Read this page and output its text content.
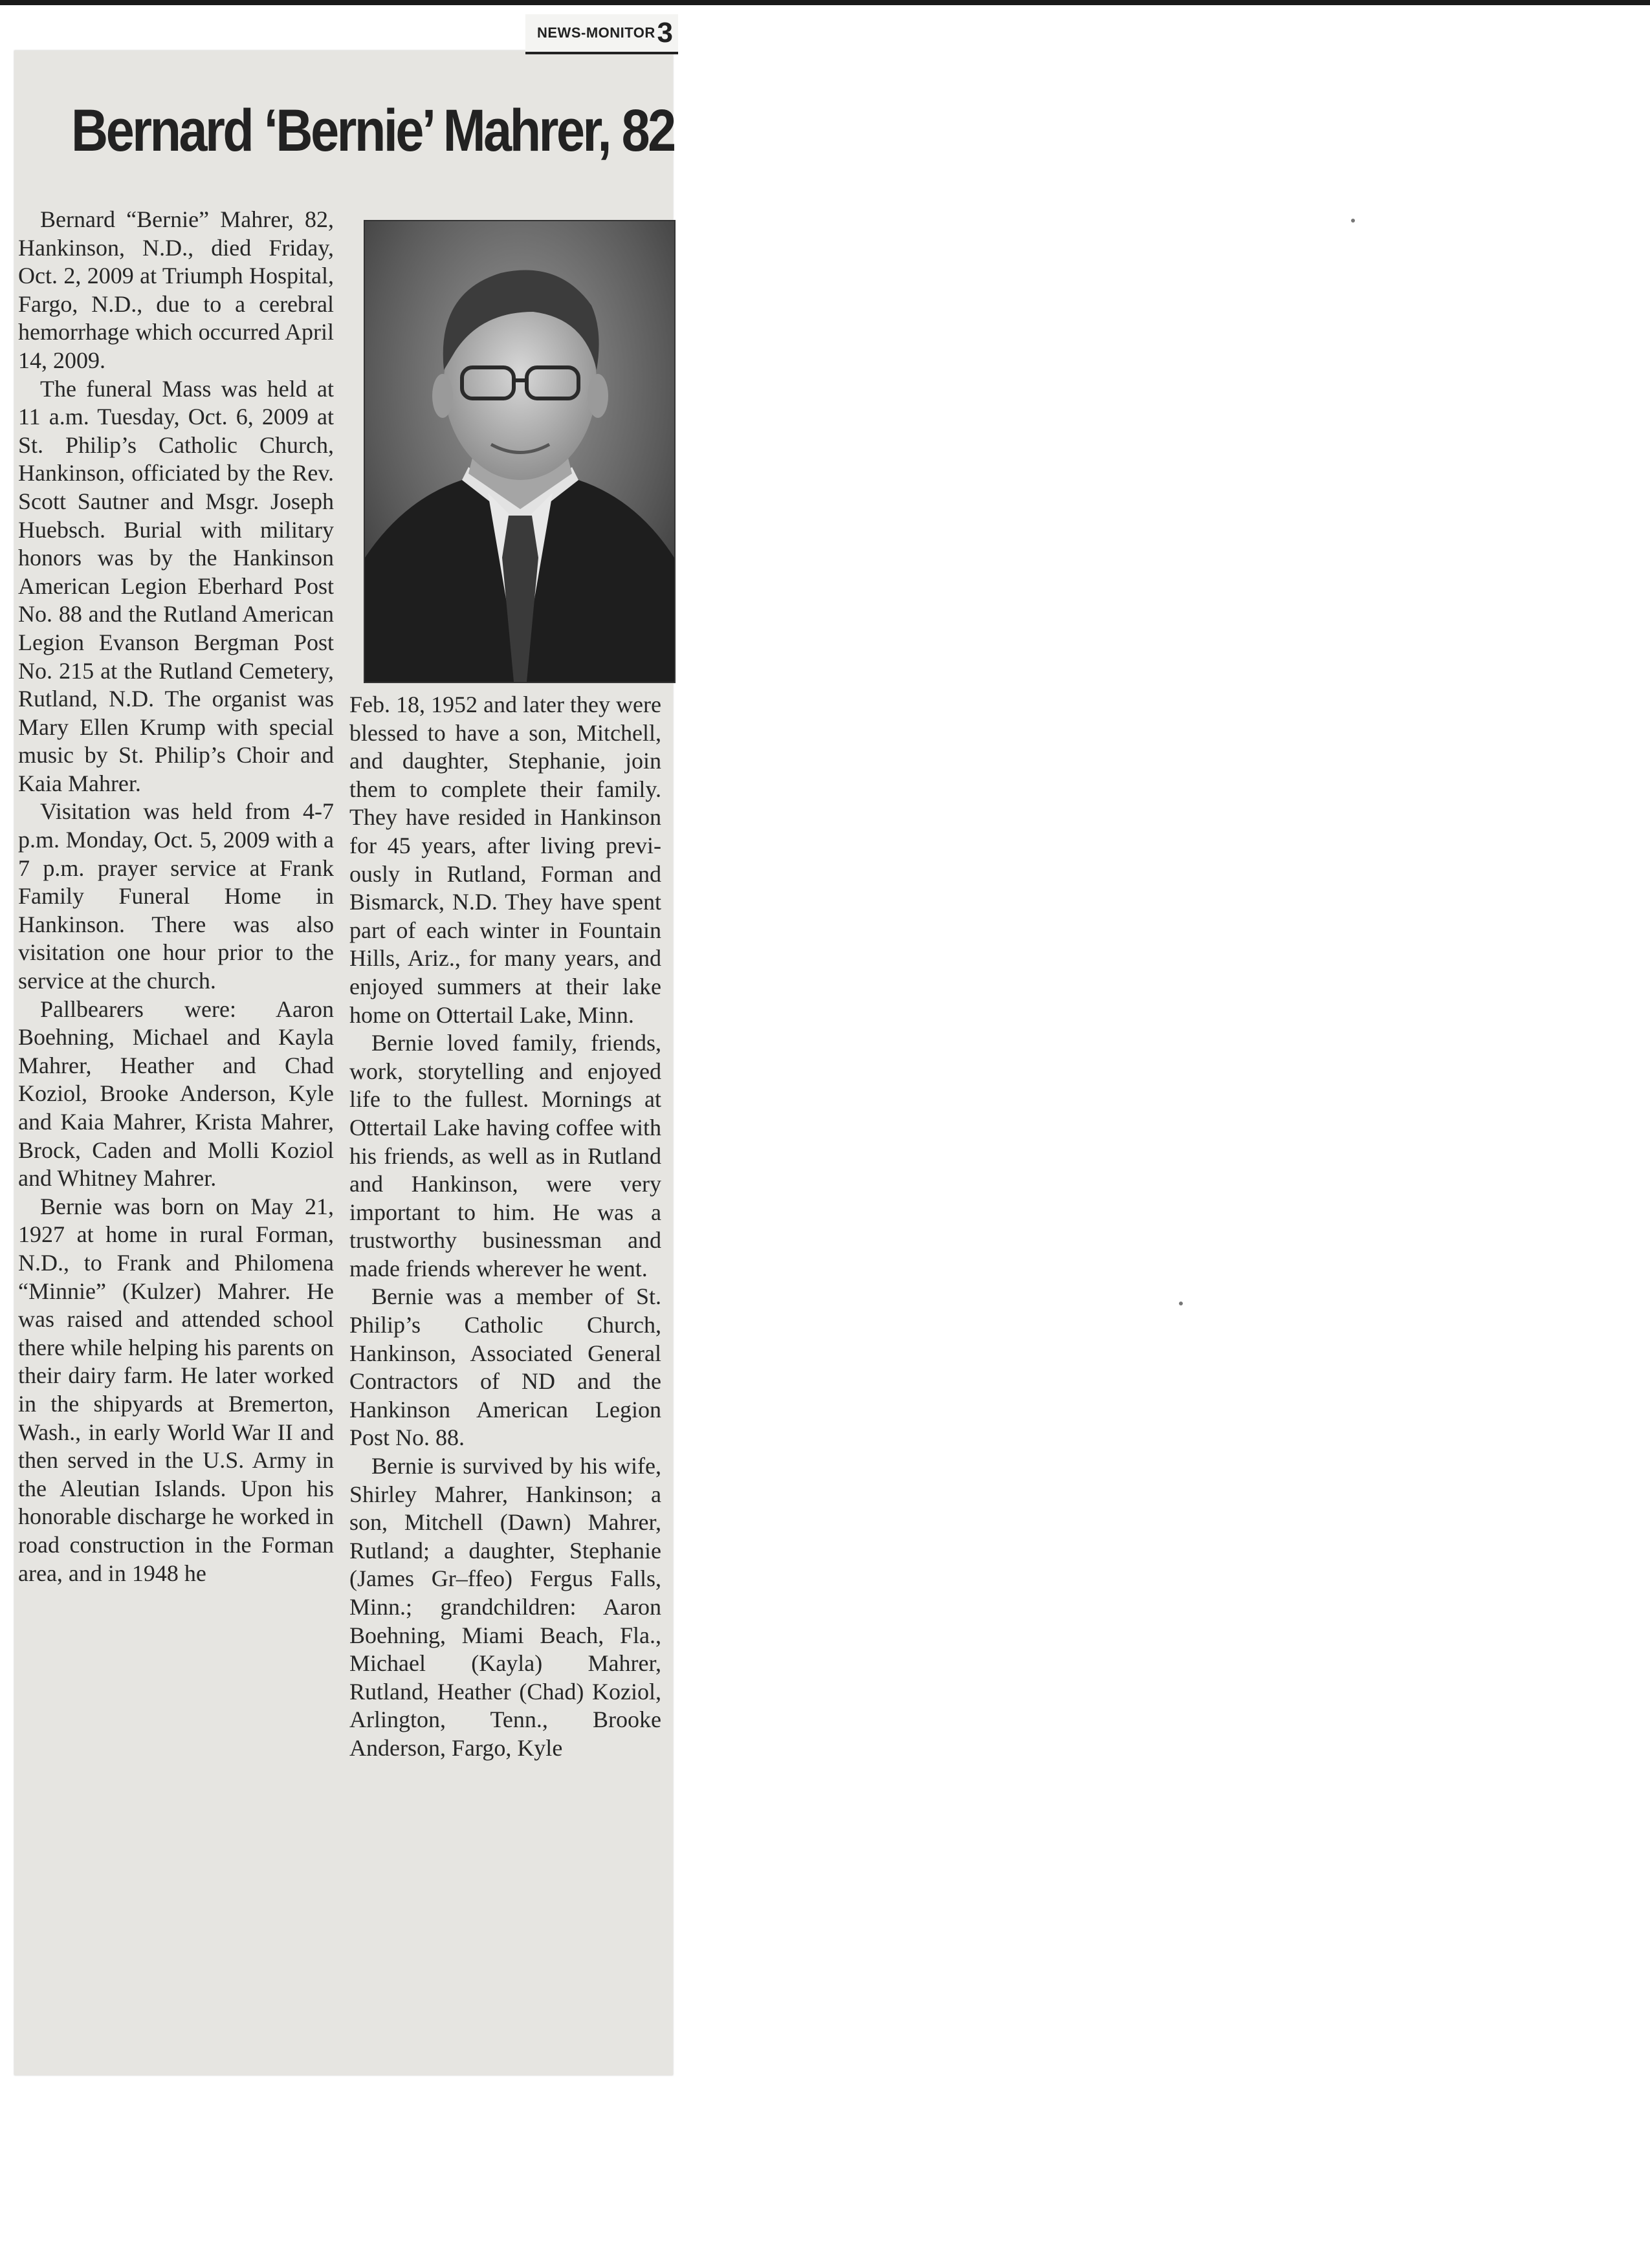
NEWS-MONITOR 3
Bernard ‘Bernie’ Mahrer, 82

Bernard “Bernie” Mahrer, 82, Hankinson, N.D., died Friday, Oct. 2, 2009 at Triumph Hospital, Fargo, N.D., due to a cerebral hemorrhage which occurred April 14, 2009.

The funeral Mass was held at 11 a.m. Tuesday, Oct. 6, 2009 at St. Philip’s Catholic Church, Hankinson, officiated by the Rev. Scott Sautner and Msgr. Joseph Huebsch. Burial with military honors was by the Hankinson American Legion Eberhard Post No. 88 and the Rutland American Legion Evanson Bergman Post No. 215 at the Rutland Cemetery, Rutland, N.D. The organist was Mary Ellen Krump with special music by St. Philip’s Choir and Kaia Mahrer.

Visitation was held from 4-7 p.m. Monday, Oct. 5, 2009 with a 7 p.m. prayer service at Frank Family Funeral Home in Hankinson. There was also visitation one hour prior to the service at the church.

Pallbearers were: Aaron Boehning, Michael and Kayla Mahrer, Heather and Chad Koziol, Brooke Anderson, Kyle and Kaia Mahrer, Krista Mahrer, Brock, Caden and Molli Koziol and Whitney Mahrer.

Bernie was born on May 21, 1927 at home in rural Forman, N.D., to Frank and Philomena “Minnie” (Kulzer) Mahrer. He was raised and attended school there while helping his parents on their dairy farm. He later worked in the shipyards at Bremerton, Wash., in early World War II and then served in the U.S. Army in the Aleutian Islands. Upon his honorable discharge he worked in road construction in the Forman area, and in 1948 he

Feb. 18, 1952 and later they were blessed to have a son, Mitchell, and daughter, Stephanie, join them to complete their family. They have resided in Hankinson for 45 years, after living previously in Rutland, Forman and Bismarck, N.D. They have spent part of each winter in Fountain Hills, Ariz., for many years, and enjoyed summers at their lake home on Ottertail Lake, Minn.

Bernie loved family, friends, work, storytelling and enjoyed life to the fullest. Mornings at Ottertail Lake having coffee with his friends, as well as in Rutland and Hankinson, were very important to him. He was a trustworthy businessman and made friends wherever he went.

Bernie was a member of St. Philip’s Catholic Church, Hankinson, Associated General Contractors of ND and the Hankinson American Legion Post No. 88.

Bernie is survived by his wife, Shirley Mahrer, Hankinson; a son, Mitchell (Dawn) Mahrer, Rutland; a daughter, Stephanie (James Gr–ffeo) Fergus Falls, Minn.; grandchildren: Aaron Boehning, Miami Beach, Fla., Michael (Kayla) Mahrer, Rutland, Heather (Chad) Koziol, Arlington, Tenn., Brooke Anderson, Fargo, Kyle
